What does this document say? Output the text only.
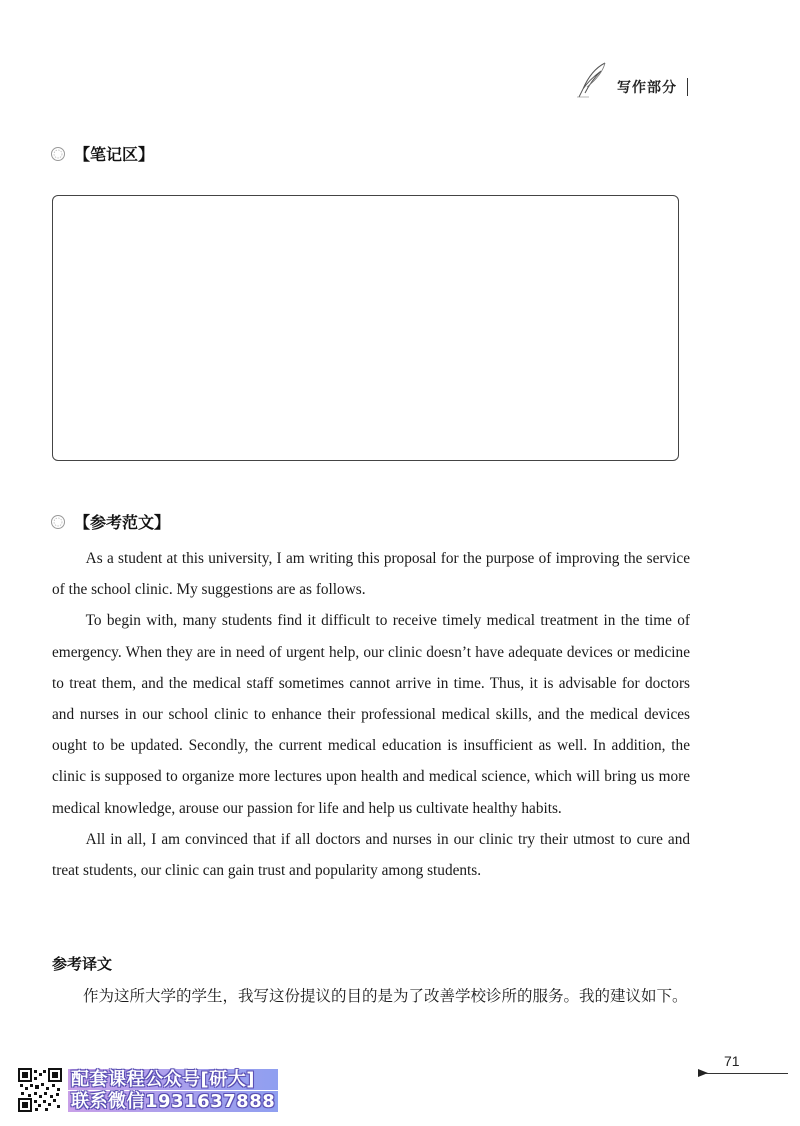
写作部分
【笔记区】
【参考范文】

As a student at this university, I am writing this proposal for the purpose of improving the service of the school clinic. My suggestions are as follows.

To begin with, many students find it difficult to receive timely medical treatment in the time of emergency. When they are in need of urgent help, our clinic doesn’t have adequate devices or medicine to treat them, and the medical staff sometimes cannot arrive in time. Thus, it is advisable for doctors and nurses in our school clinic to enhance their professional medical skills, and the medical devices ought to be updated. Secondly, the current medical education is insufficient as well. In addition, the clinic is supposed to organize more lectures upon health and medical science, which will bring us more medical knowledge, arouse our passion for life and help us cultivate healthy habits.

All in all, I am convinced that if all doctors and nurses in our clinic try their utmost to cure and treat students, our clinic can gain trust and popularity among students.

参考译文

作为这所大学的学生，我写这份提议的目的是为了改善学校诊所的服务。我的建议如下。

71
配套课程公众号[研大]
联系微信1931637888
